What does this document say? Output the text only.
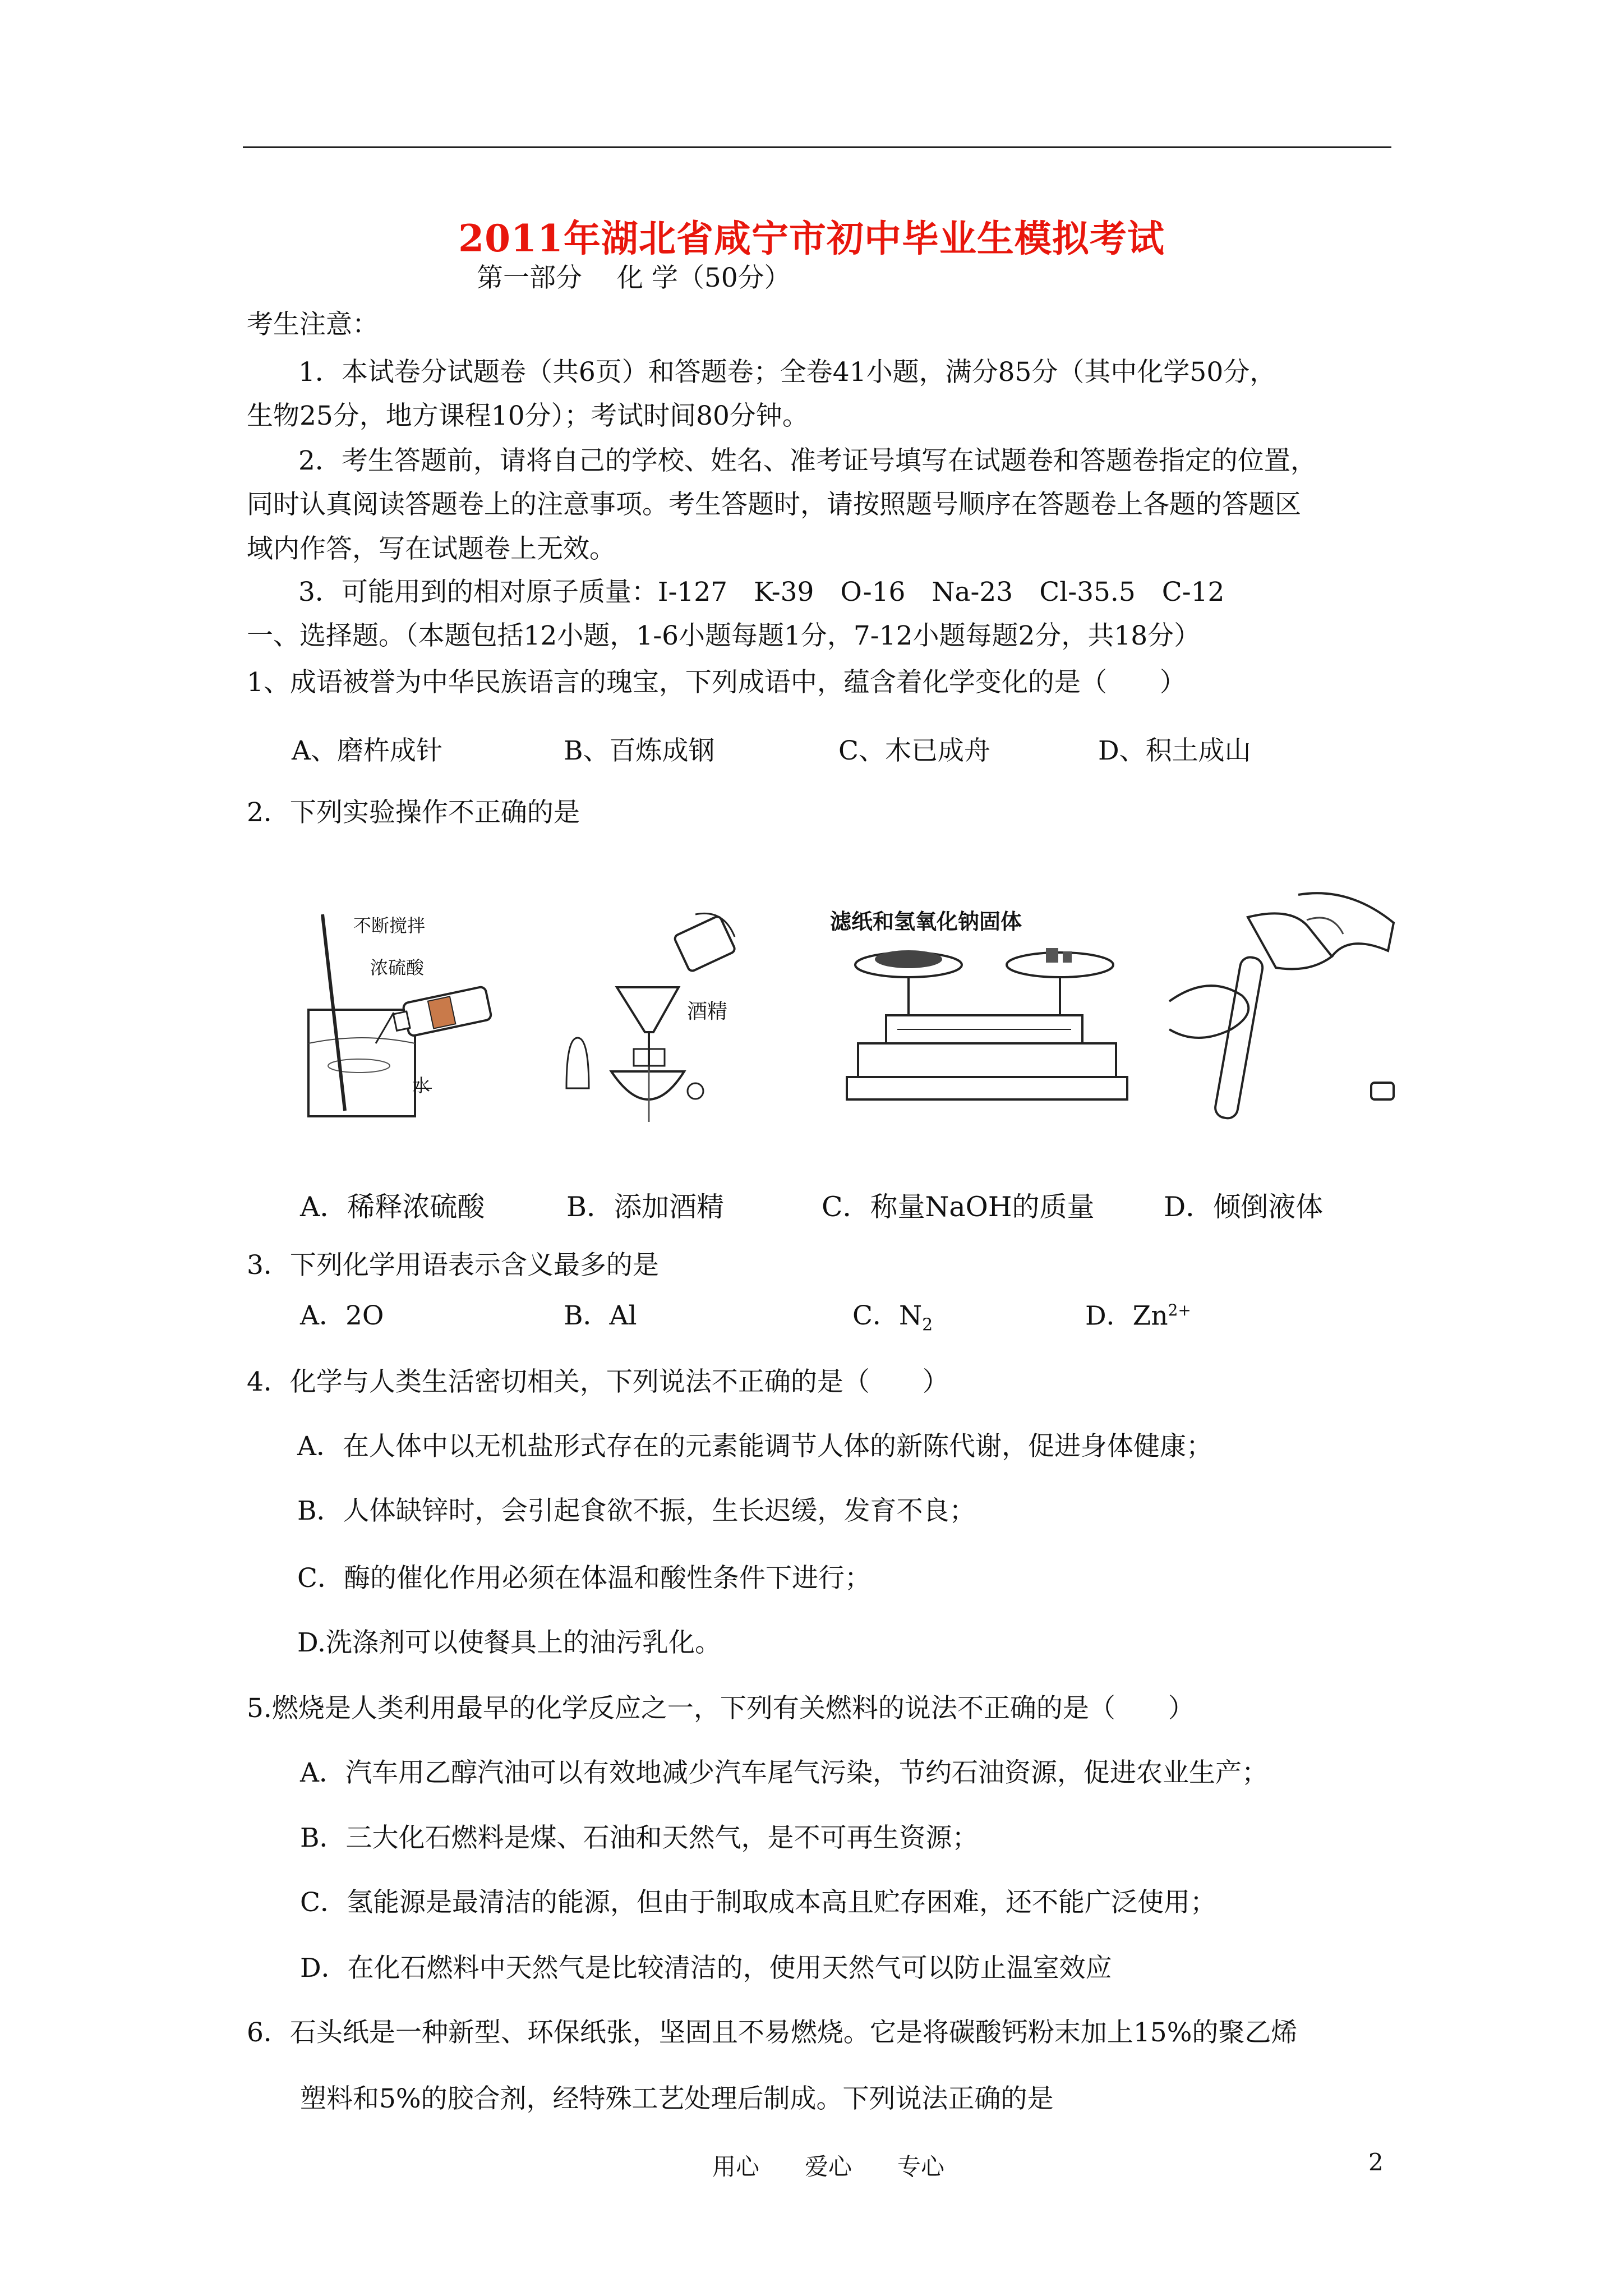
2011年湖北省咸宁市初中毕业生模拟考试
第一部分　 化 学（50分）
考生注意：
1．本试卷分试题卷（共6页）和答题卷；全卷41小题，满分85分（其中化学50分，
生物25分，地方课程10分）；考试时间80分钟。
2．考生答题前，请将自己的学校、姓名、准考证号填写在试题卷和答题卷指定的位置，
同时认真阅读答题卷上的注意事项。考生答题时，请按照题号顺序在答题卷上各题的答题区
域内作答，写在试题卷上无效。
3．可能用到的相对原子质量：I-127　K-39　O-16　Na-23　Cl-35.5　C-12
一、选择题。（本题包括12小题，1-6小题每题1分，7-12小题每题2分，共18分）
1、成语被誉为中华民族语言的瑰宝，下列成语中，蕴含着化学变化的是（　　）
A、磨杵成针	B、百炼成钢	C、木已成舟	D、积土成山
2．下列实验操作不正确的是
不断搅拌
浓硫酸
水
酒精
滤纸和氢氧化钠固体
A．稀释浓硫酸	B．添加酒精	C．称量NaOH的质量	D．倾倒液体
3．下列化学用语表示含义最多的是
A．2O	B．Al	C．$N_2$	D．$Zn^{2+}$
4．化学与人类生活密切相关，下列说法不正确的是（　　）
A．在人体中以无机盐形式存在的元素能调节人体的新陈代谢，促进身体健康；
B．人体缺锌时，会引起食欲不振，生长迟缓，发育不良；
C．酶的催化作用必须在体温和酸性条件下进行；
D.洗涤剂可以使餐具上的油污乳化。
5.燃烧是人类利用最早的化学反应之一，下列有关燃料的说法不正确的是（　　）
A．汽车用乙醇汽油可以有效地减少汽车尾气污染，节约石油资源，促进农业生产；
B．三大化石燃料是煤、石油和天然气，是不可再生资源；
C．氢能源是最清洁的能源，但由于制取成本高且贮存困难，还不能广泛使用；
D．在化石燃料中天然气是比较清洁的，使用天然气可以防止温室效应
6．石头纸是一种新型、环保纸张，坚固且不易燃烧。它是将碳酸钙粉末加上15%的聚乙烯
塑料和5%的胶合剂，经特殊工艺处理后制成。下列说法正确的是
用心 爱心 专心	2
